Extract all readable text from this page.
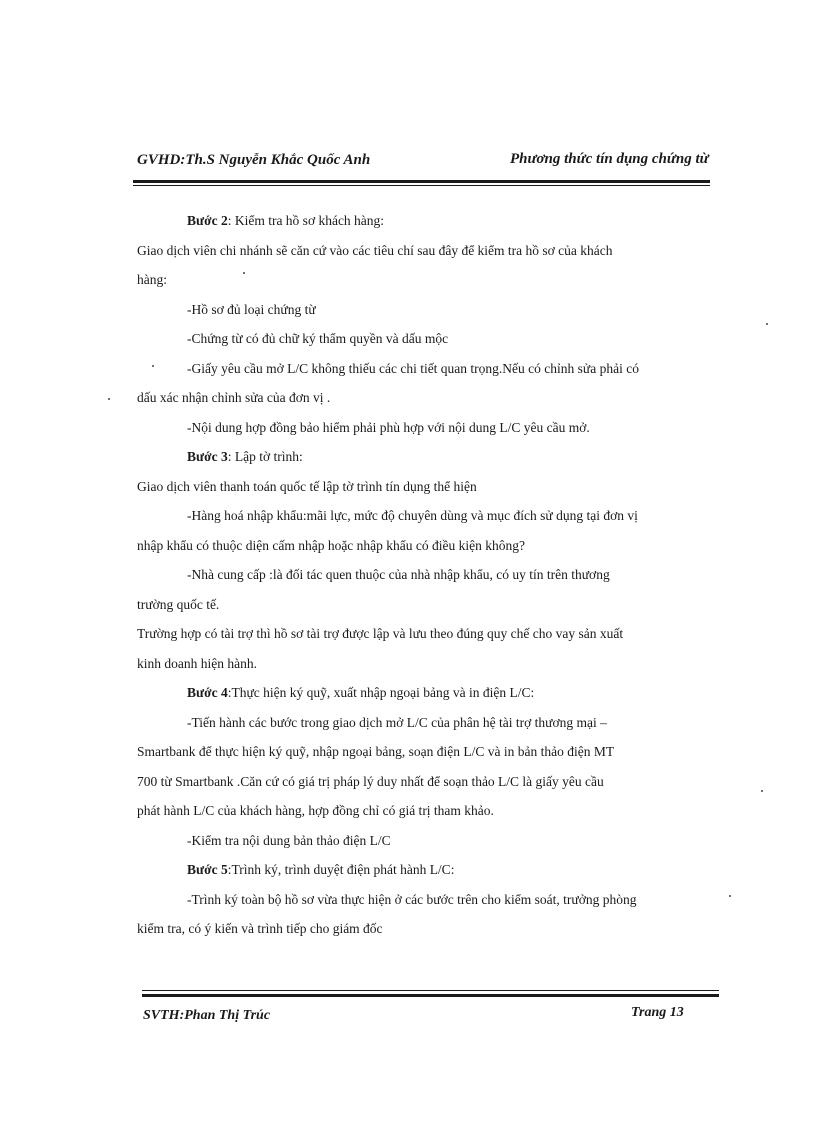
GVHD:Th.S Nguyễn Khắc Quốc Anh	Phương thức tín dụng chứng từ
Bước 2: Kiểm tra hồ sơ khách hàng:
Giao dịch viên chi nhánh sẽ căn cứ vào các tiêu chí sau đây để kiểm tra hồ sơ của khách
hàng:
-Hồ sơ đủ loại chứng từ
-Chứng từ có đủ chữ ký thẩm quyền và dấu mộc
-Giấy yêu cầu mở L/C không thiếu các chi tiết quan trọng.Nếu có chỉnh sửa phải có
dấu xác nhận chỉnh sửa của đơn vị .
-Nội dung hợp đồng bảo hiểm phải phù hợp với nội dung L/C yêu cầu mở.
Bước 3: Lập tờ trình:
Giao dịch viên thanh toán quốc tế lập tờ trình tín dụng thể hiện
-Hàng hoá nhập khẩu:mãi lực, mức độ chuyên dùng và mục đích sử dụng tại đơn vị
nhập khẩu có thuộc diện cấm nhập hoặc nhập khẩu có điều kiện không?
-Nhà cung cấp :là đối tác quen thuộc của nhà nhập khẩu, có uy tín trên thương
trường quốc tế.
Trường hợp có tài trợ thì hồ sơ tài trợ được lập và lưu theo đúng quy chế cho vay sản xuất
kinh doanh hiện hành.
Bước 4:Thực hiện ký quỹ, xuất nhập ngoại bảng và in điện L/C:
-Tiến hành các bước trong giao dịch mở L/C của phân hệ tài trợ thương mại –
Smartbank để thực hiện ký quỹ, nhập ngoại bảng, soạn điện L/C và in bản thảo điện MT
700 từ Smartbank .Căn cứ có giá trị pháp lý duy nhất để soạn thảo L/C là giấy yêu cầu
phát hành L/C của khách hàng, hợp đồng chỉ có giá trị tham khảo.
-Kiểm tra nội dung bản thảo điện L/C
Bước 5:Trình ký, trình duyệt điện phát hành L/C:
-Trình ký toàn bộ hồ sơ vừa thực hiện ở các bước trên cho kiểm soát, trưởng phòng
kiểm tra, có ý kiến và trình tiếp cho giám đốc
SVTH:Phan Thị Trúc	Trang 13
